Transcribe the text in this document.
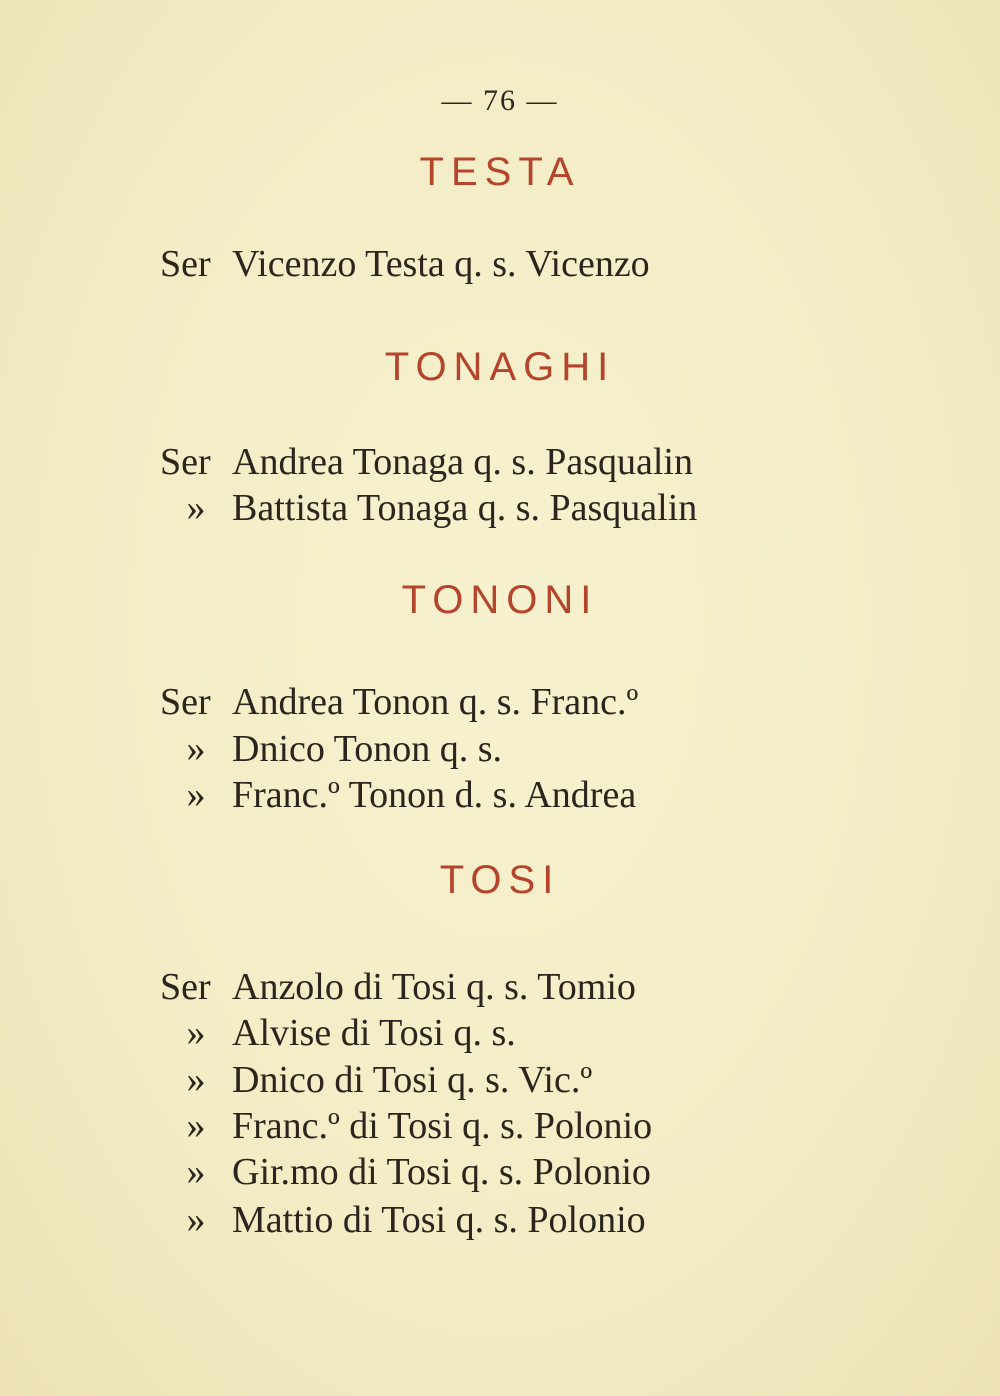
— 76 —
TESTA
Ser Vicenzo Testa q. s. Vicenzo
TONAGHI
Ser Andrea Tonaga q. s. Pasqualin
» Battista Tonaga q. s. Pasqualin
TONONI
Ser Andrea Tonon q. s. Franc.º
» Dnico Tonon q. s.
» Franc.º Tonon d. s. Andrea
TOSI
Ser Anzolo di Tosi q. s. Tomio
» Alvise di Tosi q. s.
» Dnico di Tosi q. s. Vic.º
» Franc.º di Tosi q. s. Polonio
» Gir.mo di Tosi q. s. Polonio
» Mattio di Tosi q. s. Polonio
